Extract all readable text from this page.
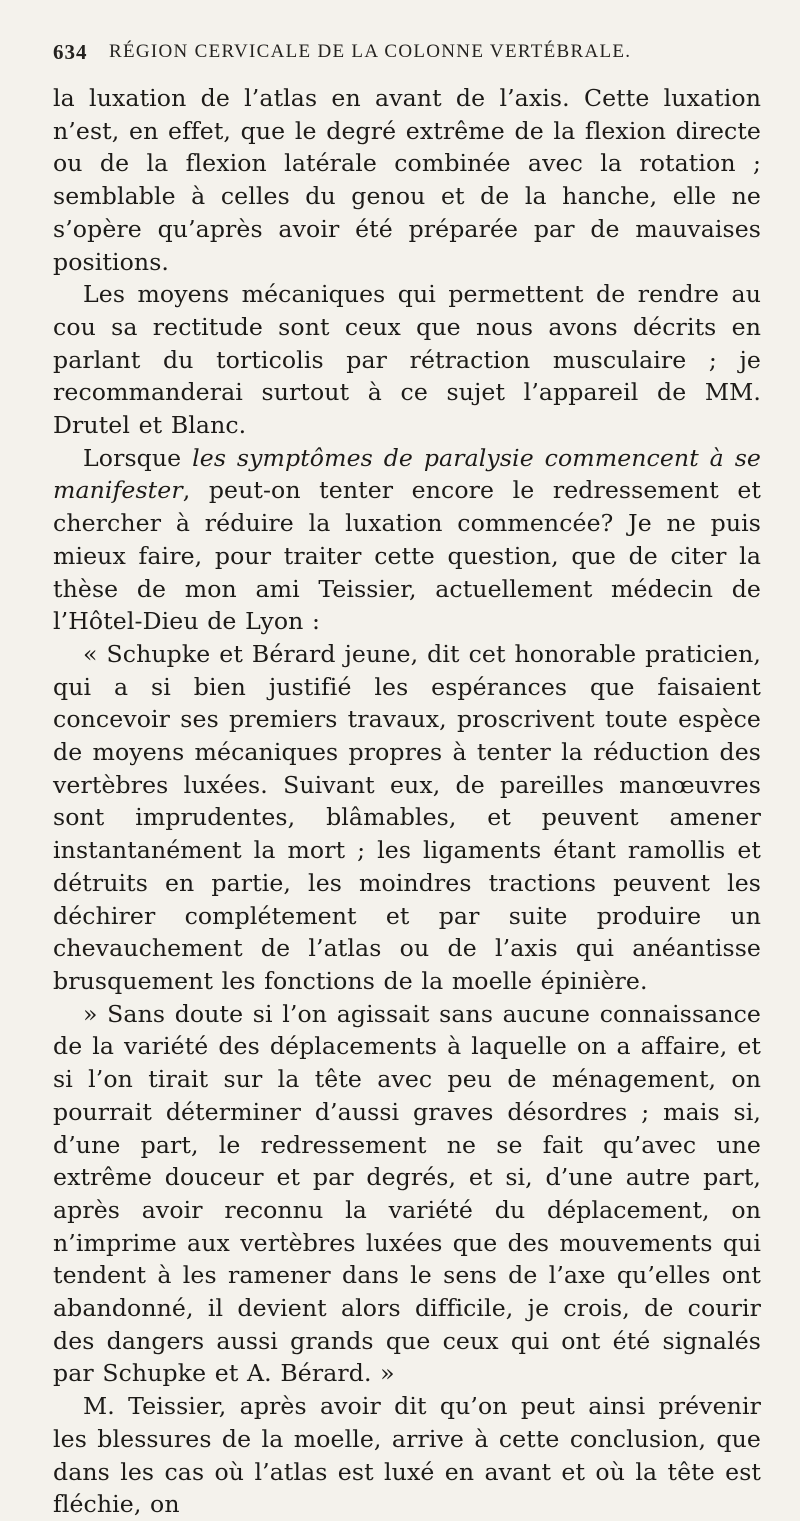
634	RÉGION CERVICALE DE LA COLONNE VERTÉBRALE.

la luxation de l’atlas en avant de l’axis. Cette luxation n’est, en effet, que le degré extrême de la flexion directe ou de la flexion latérale combinée avec la rotation ; semblable à celles du genou et de la hanche, elle ne s’opère qu’après avoir été préparée par de mauvaises positions.

Les moyens mécaniques qui permettent de rendre au cou sa rectitude sont ceux que nous avons décrits en parlant du torticolis par rétraction musculaire ; je recommanderai surtout à ce sujet l’appareil de MM. Drutel et Blanc.

Lorsque les symptômes de paralysie commencent à se manifester, peut-on tenter encore le redressement et chercher à réduire la luxation commencée? Je ne puis mieux faire, pour traiter cette question, que de citer la thèse de mon ami Teissier, actuellement médecin de l’Hôtel-Dieu de Lyon :

« Schupke et Bérard jeune, dit cet honorable praticien, qui a si bien justifié les espérances que faisaient concevoir ses premiers travaux, proscrivent toute espèce de moyens mécaniques propres à tenter la réduction des vertèbres luxées. Suivant eux, de pareilles manœuvres sont imprudentes, blâmables, et peuvent amener instantanément la mort ; les ligaments étant ramollis et détruits en partie, les moindres tractions peuvent les déchirer complétement et par suite produire un chevauchement de l’atlas ou de l’axis qui anéantisse brusquement les fonctions de la moelle épinière.

» Sans doute si l’on agissait sans aucune connaissance de la variété des déplacements à laquelle on a affaire, et si l’on tirait sur la tête avec peu de ménagement, on pourrait déterminer d’aussi graves désordres ; mais si, d’une part, le redressement ne se fait qu’avec une extrême douceur et par degrés, et si, d’une autre part, après avoir reconnu la variété du déplacement, on n’imprime aux vertèbres luxées que des mouvements qui tendent à les ramener dans le sens de l’axe qu’elles ont abandonné, il devient alors difficile, je crois, de courir des dangers aussi grands que ceux qui ont été signalés par Schupke et A. Bérard. »

M. Teissier, après avoir dit qu’on peut ainsi prévenir les blessures de la moelle, arrive à cette conclusion, que dans les cas où l’atlas est luxé en avant et où la tête est fléchie, on
